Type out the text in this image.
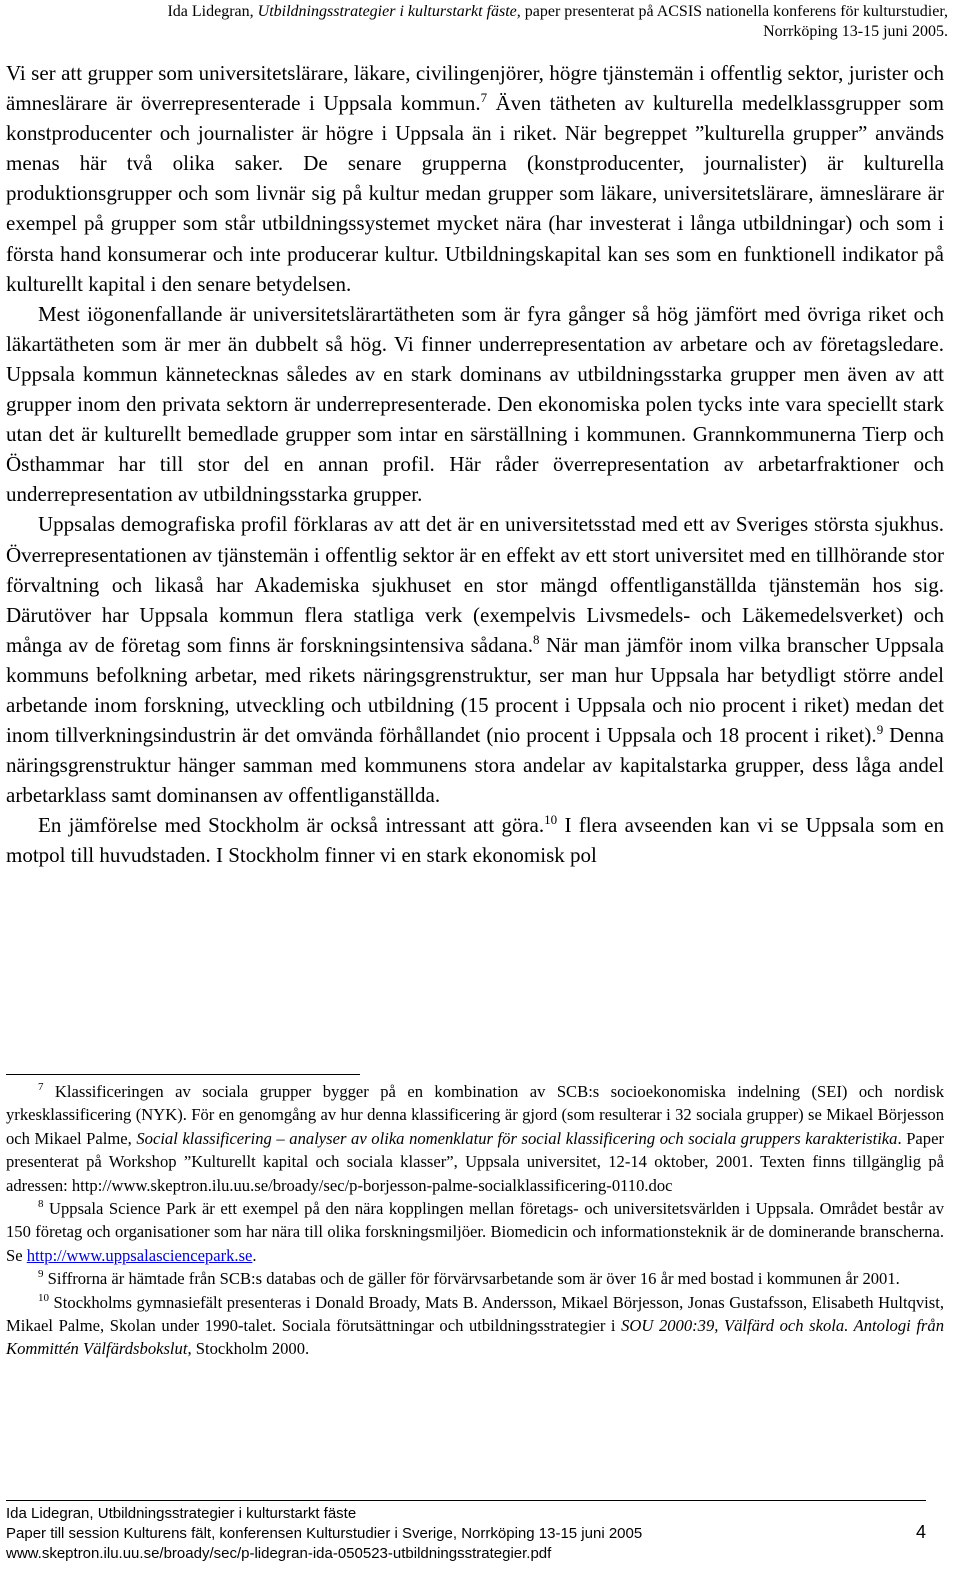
Ida Lidegran, Utbildningsstrategier i kulturstarkt fäste, paper presenterat på ACSIS nationella konferens för kulturstudier,
Norrköping 13-15 juni 2005.

Vi ser att grupper som universitetslärare, läkare, civilingenjörer, högre tjänstemän i offentlig sektor, jurister och ämneslärare är överrepresenterade i Uppsala kommun.$^7$ Även tätheten av kulturella medelklassgrupper som konstproducenter och journalister är högre i Uppsala än i riket. När begreppet ”kulturella grupper” används menas här två olika saker. De senare grupperna (konstproducenter, journalister) är kulturella produktionsgrupper och som livnär sig på kultur medan grupper som läkare, universitetslärare, ämneslärare är exempel på grupper som står utbildningssystemet mycket nära (har investerat i långa utbildningar) och som i första hand konsumerar och inte producerar kultur. Utbildningskapital kan ses som en funktionell indikator på kulturellt kapital i den senare betydelsen.

Mest iögonenfallande är universitetslärartätheten som är fyra gånger så hög jämfört med övriga riket och läkartätheten som är mer än dubbelt så hög. Vi finner underrepresentation av arbetare och av företagsledare. Uppsala kommun kännetecknas således av en stark dominans av utbildningsstarka grupper men även av att grupper inom den privata sektorn är underrepresenterade. Den ekonomiska polen tycks inte vara speciellt stark utan det är kulturellt bemedlade grupper som intar en särställning i kommunen. Grannkommunerna Tierp och Östhammar har till stor del en annan profil. Här råder överrepresentation av arbetarfraktioner och underrepresentation av utbildningsstarka grupper.

Uppsalas demografiska profil förklaras av att det är en universitetsstad med ett av Sveriges största sjukhus. Överrepresentationen av tjänstemän i offentlig sektor är en effekt av ett stort universitet med en tillhörande stor förvaltning och likaså har Akademiska sjukhuset en stor mängd offentliganställda tjänstemän hos sig. Därutöver har Uppsala kommun flera statliga verk (exempelvis Livsmedels- och Läkemedelsverket) och många av de företag som finns är forskningsintensiva sådana.$^8$ När man jämför inom vilka branscher Uppsala kommuns befolkning arbetar, med rikets näringsgrenstruktur, ser man hur Uppsala har betydligt större andel arbetande inom forskning, utveckling och utbildning (15 procent i Uppsala och nio procent i riket) medan det inom tillverkningsindustrin är det omvända förhållandet (nio procent i Uppsala och 18 procent i riket).$^9$ Denna näringsgrenstruktur hänger samman med kommunens stora andelar av kapitalstarka grupper, dess låga andel arbetarklass samt dominansen av offentliganställda.

En jämförelse med Stockholm är också intressant att göra.$^{10}$ I flera avseenden kan vi se Uppsala som en motpol till huvudstaden. I Stockholm finner vi en stark ekonomisk pol

$^7$ Klassificeringen av sociala grupper bygger på en kombination av SCB:s socioekonomiska indelning (SEI) och nordisk yrkesklassificering (NYK). För en genomgång av hur denna klassificering är gjord (som resulterar i 32 sociala grupper) se Mikael Börjesson och Mikael Palme, Social klassificering – analyser av olika nomenklatur för social klassificering och sociala gruppers karakteristika. Paper presenterat på Workshop ”Kulturellt kapital och sociala klasser”, Uppsala universitet, 12-14 oktober, 2001. Texten finns tillgänglig på adressen: http://www.skeptron.ilu.uu.se/broady/sec/p-borjesson-palme-socialklassificering-0110.doc

$^8$ Uppsala Science Park är ett exempel på den nära kopplingen mellan företags- och universitetsvärlden i Uppsala. Området består av 150 företag och organisationer som har nära till olika forskningsmiljöer. Biomedicin och informationsteknik är de dominerande branscherna. Se http://www.uppsalasciencepark.se.

$^9$ Siffrorna är hämtade från SCB:s databas och de gäller för förvärvsarbetande som är över 16 år med bostad i kommunen år 2001.

$^{10}$ Stockholms gymnasiefält presenteras i Donald Broady, Mats B. Andersson, Mikael Börjesson, Jonas Gustafsson, Elisabeth Hultqvist, Mikael Palme, Skolan under 1990-talet. Sociala förutsättningar och utbildningsstrategier i SOU 2000:39, Välfärd och skola. Antologi från Kommittén Välfärdsbokslut, Stockholm 2000.

Ida Lidegran, Utbildningsstrategier i kulturstarkt fäste
Paper till session Kulturens fält, konferensen Kulturstudier i Sverige, Norrköping 13-15 juni 2005
www.skeptron.ilu.uu.se/broady/sec/p-lidegran-ida-050523-utbildningsstrategier.pdf
4
